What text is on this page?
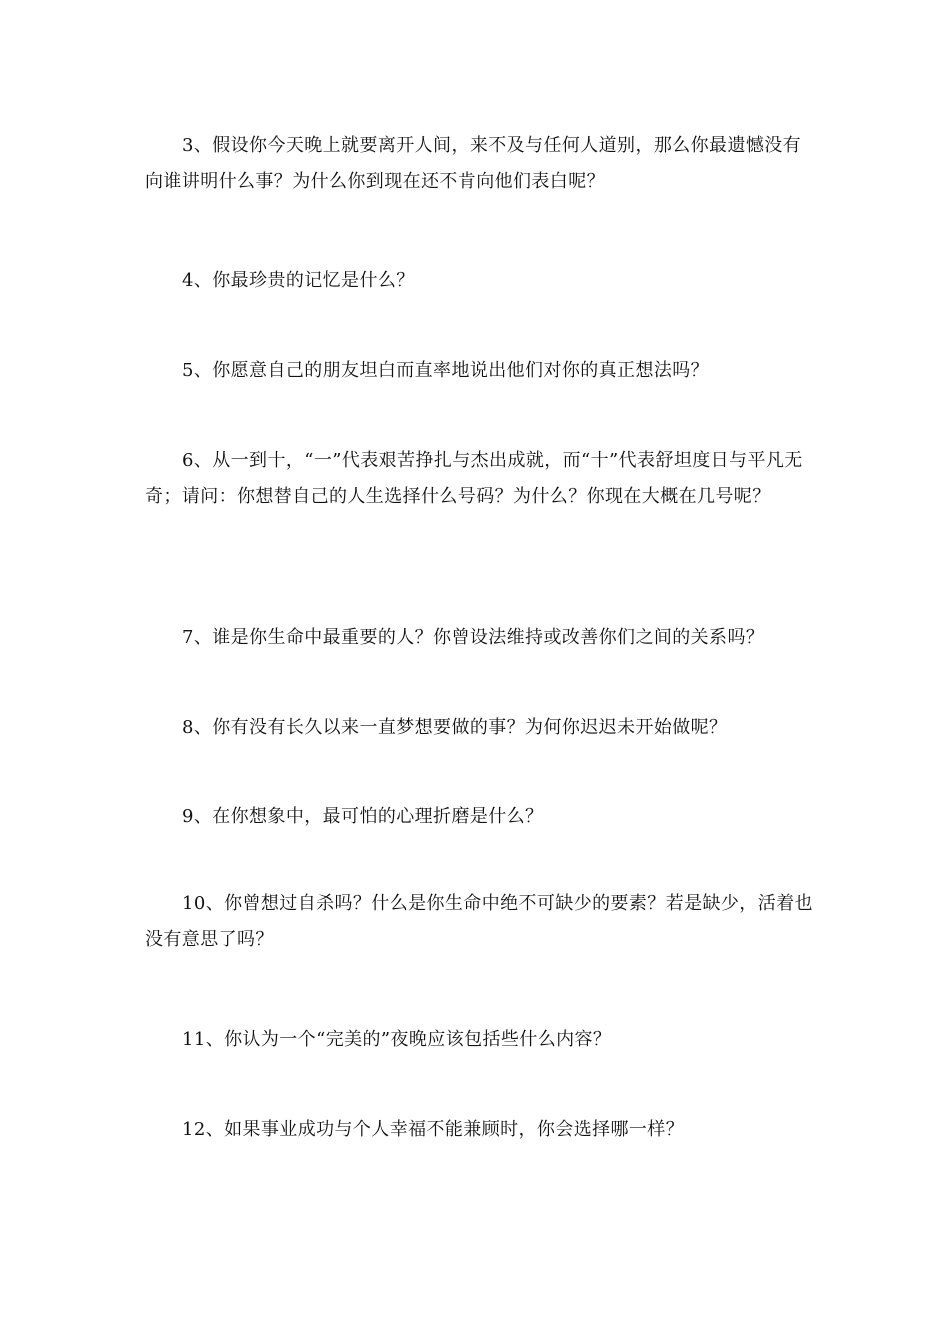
3、假设你今天晚上就要离开人间，来不及与任何人道别，那么你最遗憾没有向谁讲明什么事？为什么你到现在还不肯向他们表白呢？

4、你最珍贵的记忆是什么？

5、你愿意自己的朋友坦白而直率地说出他们对你的真正想法吗？

6、从一到十，“一”代表艰苦挣扎与杰出成就，而“十”代表舒坦度日与平凡无奇；请问：你想替自己的人生选择什么号码？为什么？你现在大概在几号呢？

7、谁是你生命中最重要的人？你曾设法维持或改善你们之间的关系吗？

8、你有没有长久以来一直梦想要做的事？为何你迟迟未开始做呢？

9、在你想象中，最可怕的心理折磨是什么？

10、你曾想过自杀吗？什么是你生命中绝不可缺少的要素？若是缺少，活着也没有意思了吗？

11、你认为一个“完美的”夜晚应该包括些什么内容？

12、如果事业成功与个人幸福不能兼顾时，你会选择哪一样？
